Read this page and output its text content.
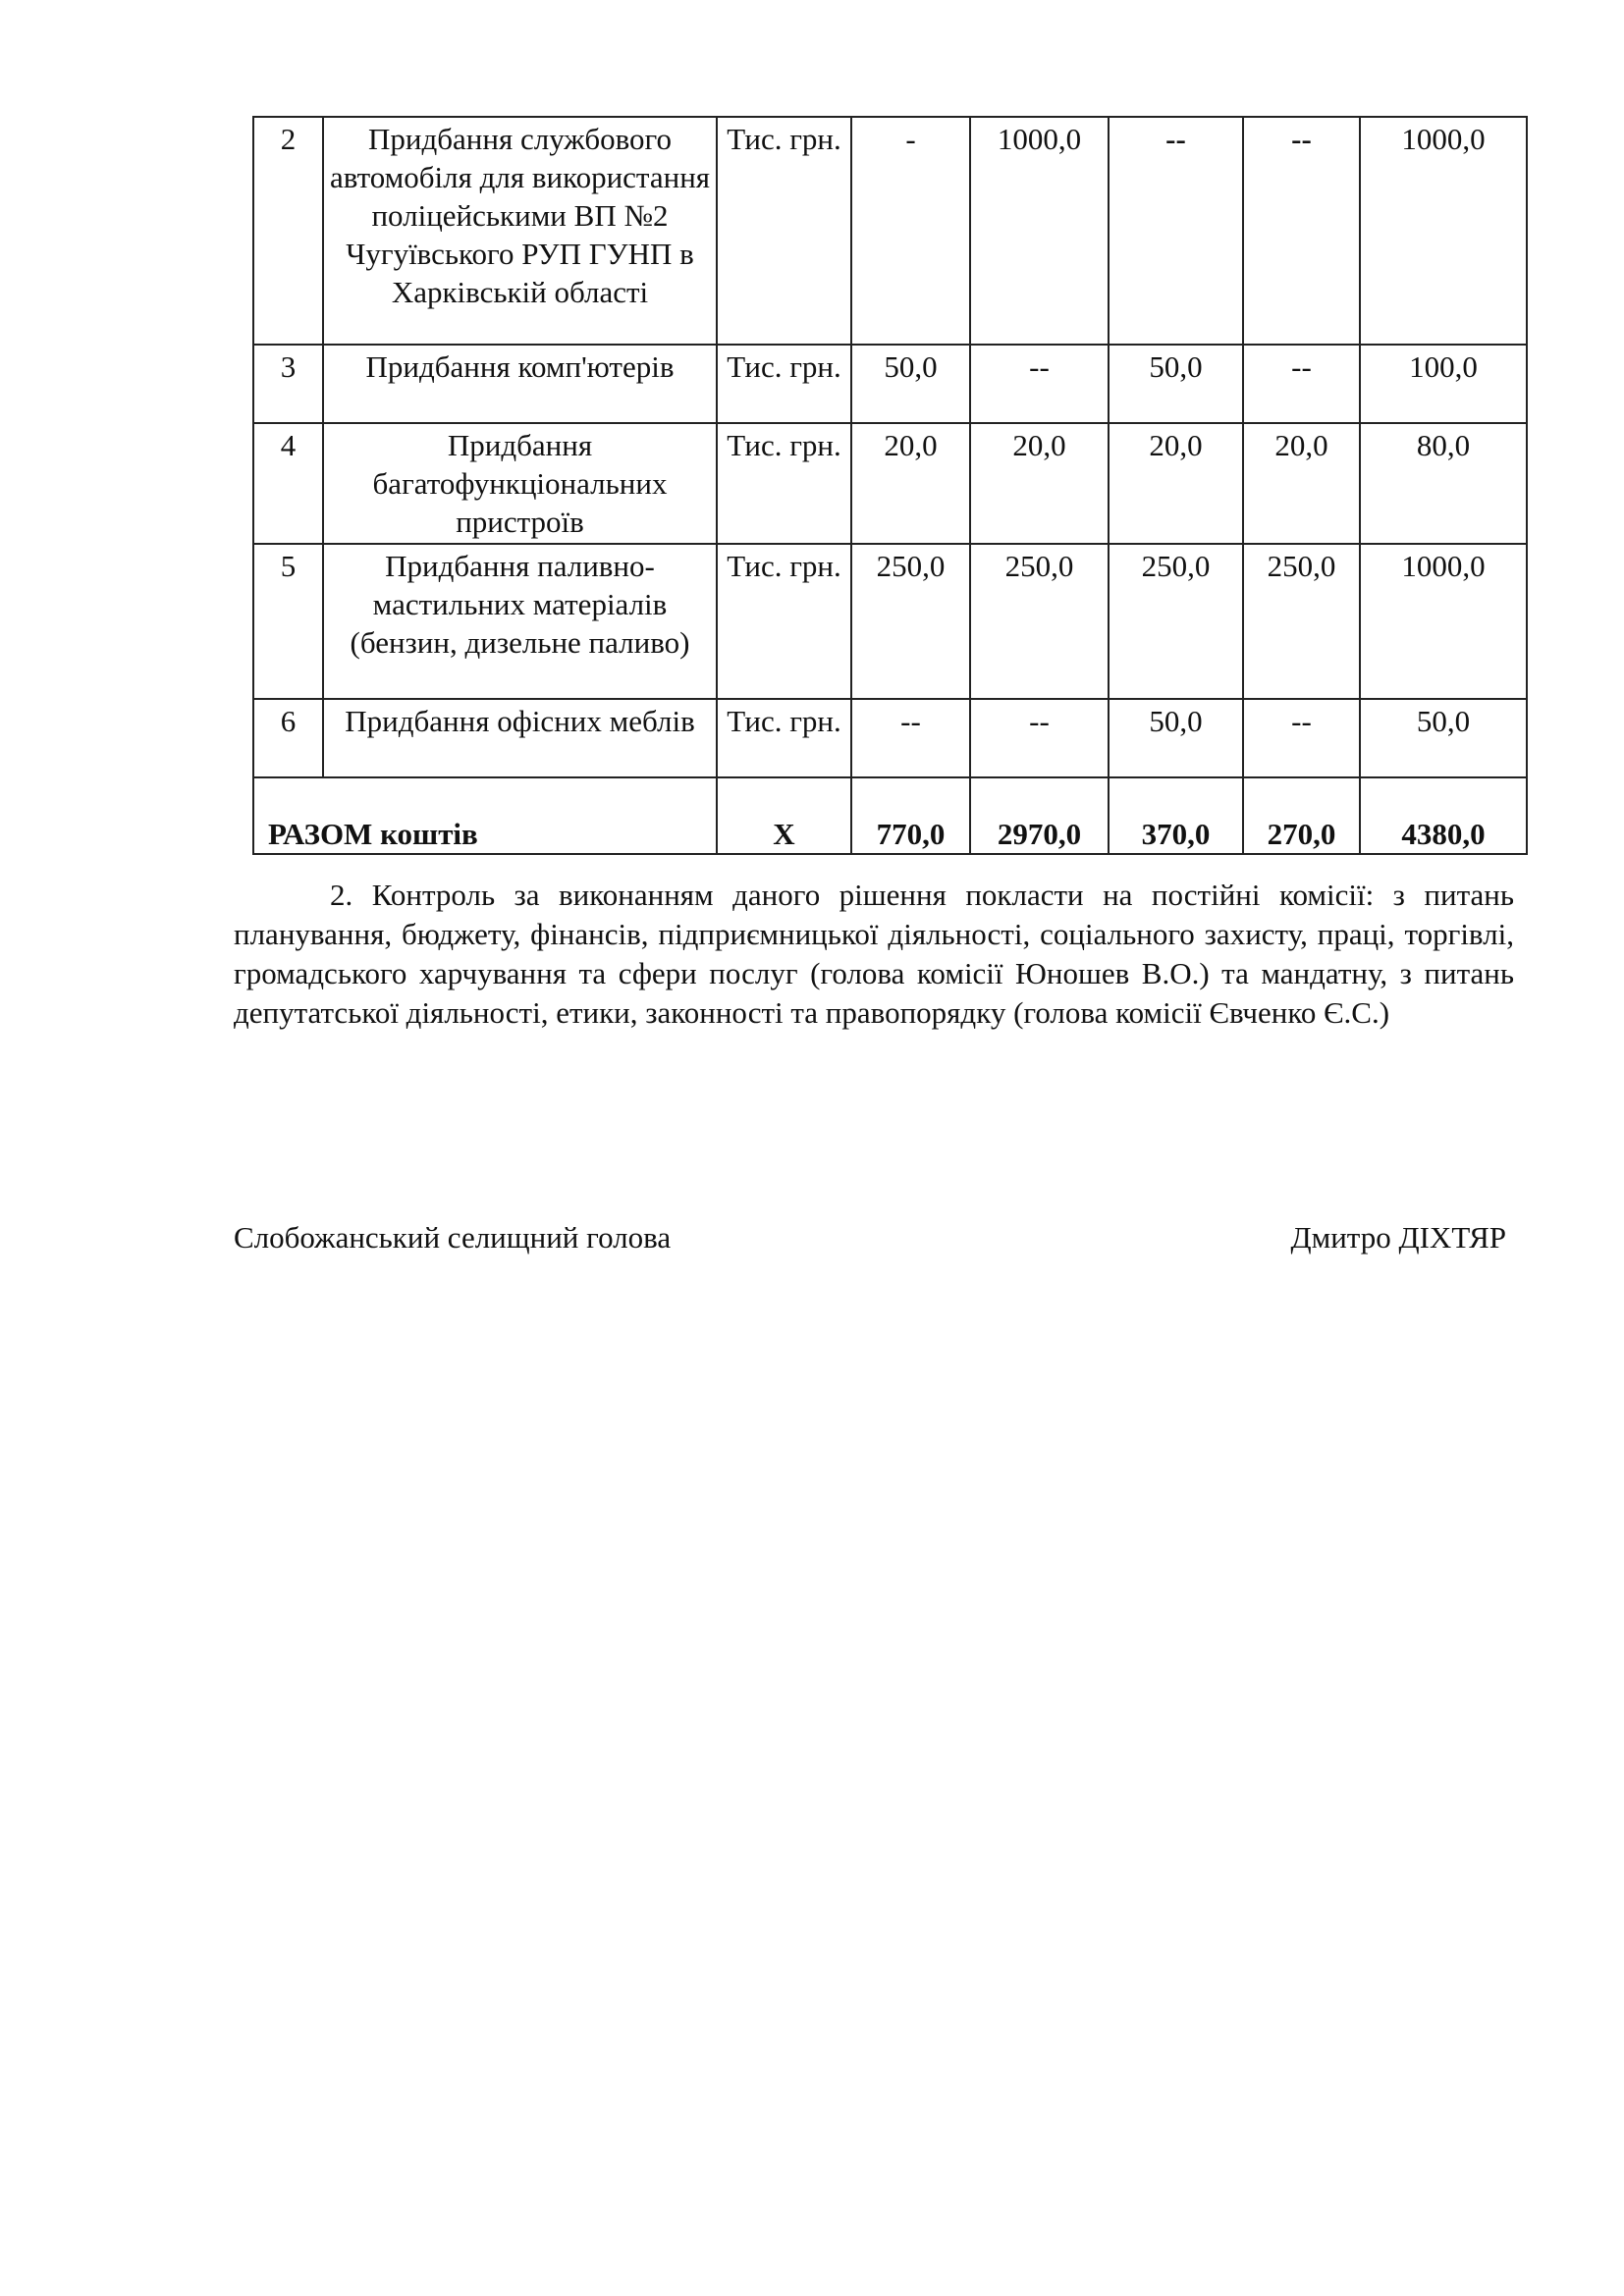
2	Придбання службового автомобіля для використання поліцейськими ВП №2 Чугуївського РУП ГУНП в Харківській області	Тис. грн.	-	1000,0	--	--	1000,0
3	Придбання комп'ютерів	Тис. грн.	50,0	--	50,0	--	100,0
4	Придбання багатофункціональних пристроїв	Тис. грн.	20,0	20,0	20,0	20,0	80,0
5	Придбання паливно-мастильних матеріалів (бензин, дизельне паливо)	Тис. грн.	250,0	250,0	250,0	250,0	1000,0
6	Придбання офісних меблів	Тис. грн.	--	--	50,0	--	50,0
РАЗОМ коштів		Х	770,0	2970,0	370,0	270,0	4380,0

2. Контроль за виконанням даного рішення покласти на постійні комісії: з питань планування, бюджету, фінансів, підприємницької діяльності, соціального захисту, праці, торгівлі, громадського харчування та сфери послуг (голова комісії Юношев В.О.) та мандатну, з питань депутатської діяльності, етики, законності та правопорядку (голова комісії Євченко Є.С.)

Слобожанський селищний голова	Дмитро ДІХТЯР
